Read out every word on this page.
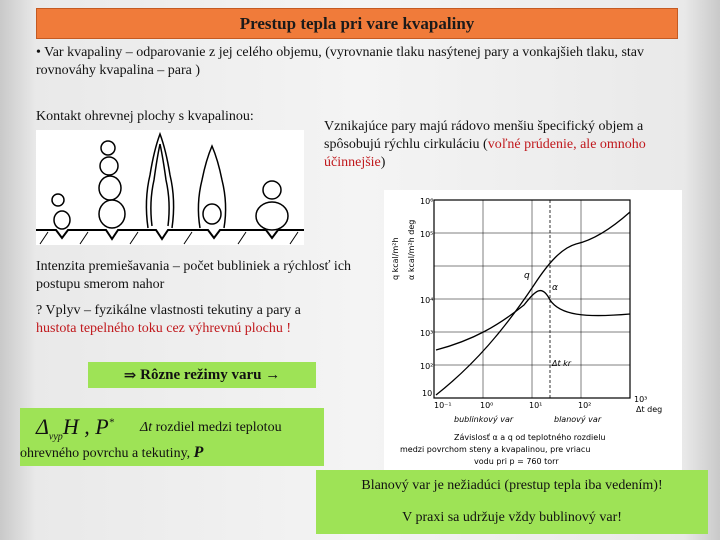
Prestup tepla pri vare kvapaliny
• Var kvapaliny – odparovanie z jej celého objemu, (vyrovnanie tlaku nasýtenej pary a vonkajšieh tlaku, stav rovnováhy kvapalina – para )
Kontakt ohrevnej plochy s kvapalinou:
Vznikajúce pary majú rádovo menšiu špecifický objem a spôsobujú rýchlu cirkuláciu (voľné prúdenie, ale omnoho účinnejšie)
Intenzita premiešavania – počet bubliniek a rýchlosť ich postupu smerom nahor
? Vplyv – fyzikálne vlastnosti tekutiny a pary a
hustota tepelného toku cez výhrevnú plochu !
⇒
Rôzne režimy varu
→
$\Delta_{vyp}H$ , P* Δt rozdiel medzi teplotou
ohrevného povrchu a tekutiny, P
q kcal/m²h α kcal/m²h deg
10⁶
10⁵
10⁴
10³
10²
10
10⁻¹	10⁰	10¹	10²
10³
Δt deg
q
α
Δt kr
bublinkový var	blanový var
Závislosť α a q od teplotného rozdielu
medzi povrchom steny a kvapalinou, pre vriacu
vodu pri p = 760 torr
Blanový var je nežiadúci (prestup tepla iba vedením)!
V praxi sa udržuje vždy bublinový var!
